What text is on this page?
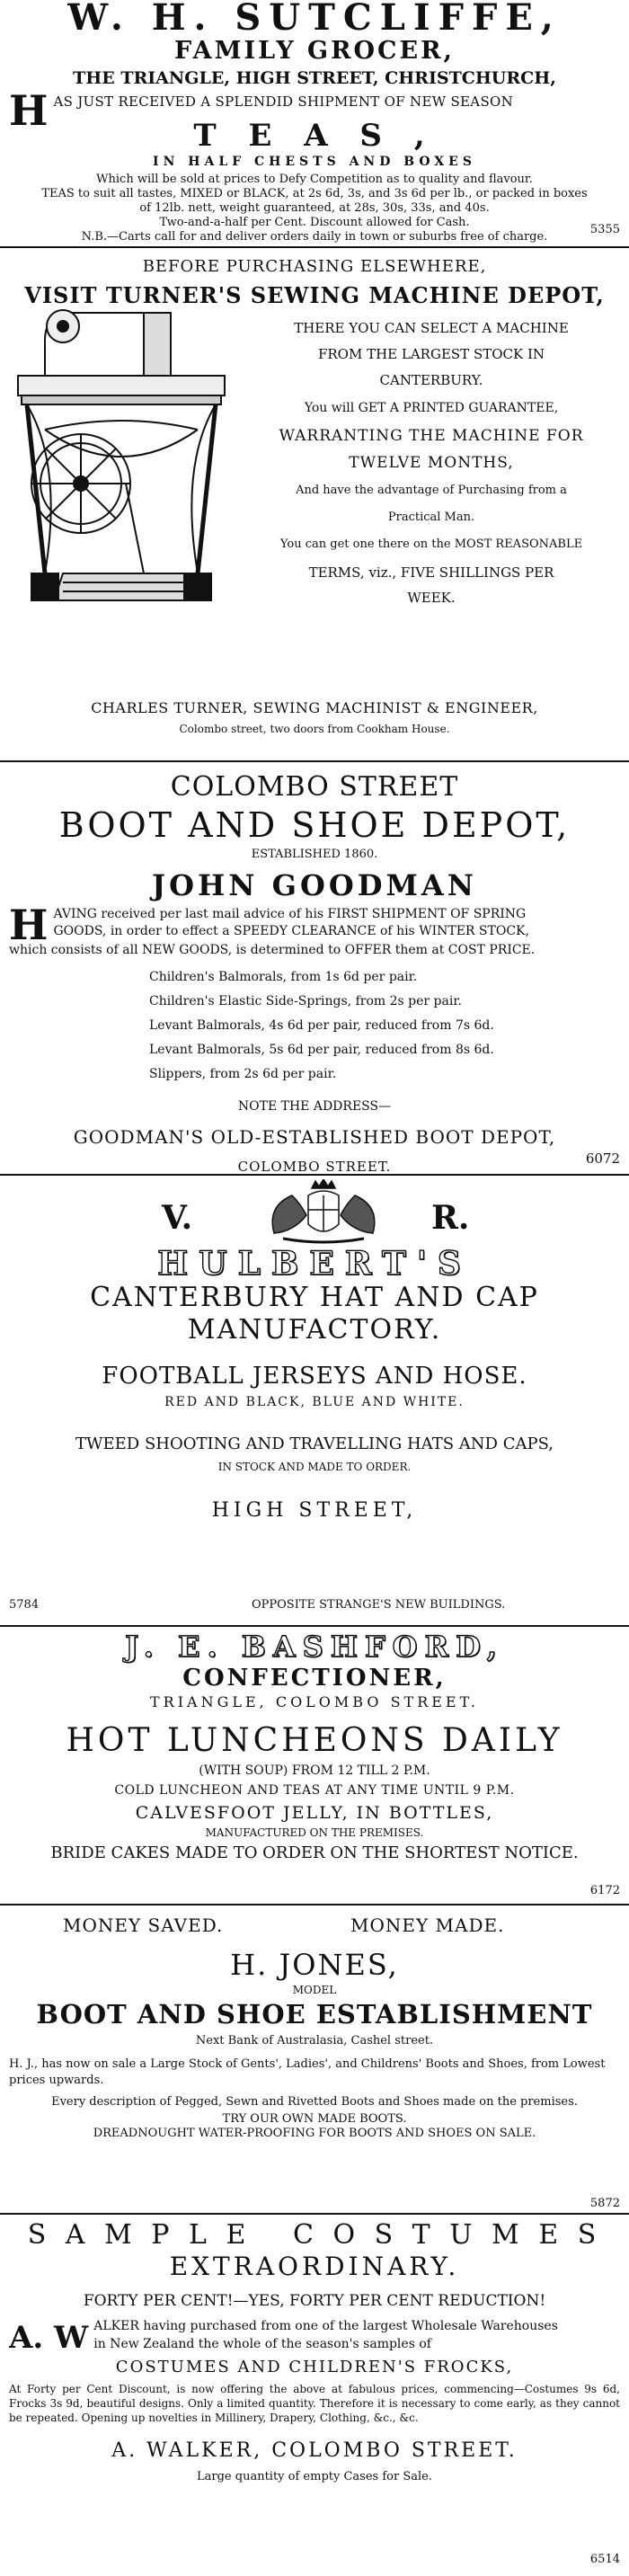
W. H. SUTCLIFFE,
FAMILY GROCER,
THE TRIANGLE, HIGH STREET, CHRISTCHURCH,
H AS JUST RECEIVED A SPLENDID SHIPMENT OF NEW SEASON
T E A S ,
IN HALF CHESTS AND BOXES
Which will be sold at prices to Defy Competition as to quality and flavour.
TEAS to suit all tastes, MIXED or BLACK, at 2s 6d, 3s, and 3s 6d per lb., or packed in boxes of 12lb. nett, weight guaranteed, at 28s, 30s, 33s, and 40s.
Two-and-a-half per Cent. Discount allowed for Cash.
N.B.—Carts call for and deliver orders daily in town or suburbs free of charge.
5355
BEFORE PURCHASING ELSEWHERE,
VISIT TURNER'S SEWING MACHINE DEPOT,
THERE YOU CAN SELECT A MACHINE
FROM THE LARGEST STOCK IN
CANTERBURY.
You will GET A PRINTED GUARANTEE,
WARRANTING THE MACHINE FOR
TWELVE MONTHS,
And have the advantage of Purchasing from a
Practical Man.
You can get one there on the MOST REASONABLE
TERMS, viz., FIVE SHILLINGS PER
WEEK.
CHARLES TURNER, SEWING MACHINIST & ENGINEER,
Colombo street, two doors from Cookham House.
COLOMBO STREET
BOOT AND SHOE DEPOT,
ESTABLISHED 1860.
JOHN GOODMAN
H AVING received per last mail advice of his FIRST SHIPMENT OF SPRING
GOODS, in order to effect a SPEEDY CLEARANCE of his WINTER STOCK,
which consists of all NEW GOODS, is determined to OFFER them at COST PRICE.
Children's Balmorals, from 1s 6d per pair.
Children's Elastic Side-Springs, from 2s per pair.
Levant Balmorals, 4s 6d per pair, reduced from 7s 6d.
Levant Balmorals, 5s 6d per pair, reduced from 8s 6d.
Slippers, from 2s 6d per pair.
NOTE THE ADDRESS—
GOODMAN'S OLD-ESTABLISHED BOOT DEPOT,
COLOMBO STREET.	6072
V.	R.
HULBERT'S
CANTERBURY HAT AND CAP
MANUFACTORY.
FOOTBALL JERSEYS AND HOSE.
RED AND BLACK, BLUE AND WHITE.
TWEED SHOOTING AND TRAVELLING HATS AND CAPS,
IN STOCK AND MADE TO ORDER.
HIGH STREET,
5784	OPPOSITE STRANGE'S NEW BUILDINGS.
J. E. BASHFORD,
CONFECTIONER,
TRIANGLE, COLOMBO STREET.
HOT LUNCHEONS DAILY
(WITH SOUP) FROM 12 TILL 2 P.M.
COLD LUNCHEON AND TEAS AT ANY TIME UNTIL 9 P.M.
CALVESFOOT JELLY, IN BOTTLES,
MANUFACTURED ON THE PREMISES.
BRIDE CAKES MADE TO ORDER ON THE SHORTEST NOTICE.
6172
MONEY SAVED.	MONEY MADE.
H. JONES,
MODEL
BOOT AND SHOE ESTABLISHMENT
Next Bank of Australasia, Cashel street.
H. J., has now on sale a Large Stock of Gents', Ladies', and Childrens' Boots and Shoes, from Lowest prices upwards.
Every description of Pegged, Sewn and Rivetted Boots and Shoes made on the premises.
TRY OUR OWN MADE BOOTS.
DREADNOUGHT WATER-PROOFING FOR BOOTS AND SHOES ON SALE.
5872
S A M P L E   C O S T U M E S
EXTRAORDINARY.
FORTY PER CENT!—YES, FORTY PER CENT REDUCTION!
A. W ALKER having purchased from one of the largest Wholesale Warehouses
in New Zealand the whole of the season's samples of
COSTUMES AND CHILDREN'S FROCKS,
At Forty per Cent Discount, is now offering the above at fabulous prices, commencing—Costumes 9s 6d, Frocks 3s 9d, beautiful designs. Only a limited quantity. Therefore it is necessary to come early, as they cannot be repeated. Opening up novelties in Millinery, Drapery, Clothing, &c., &c.
A. WALKER, COLOMBO STREET.
Large quantity of empty Cases for Sale.
6514
